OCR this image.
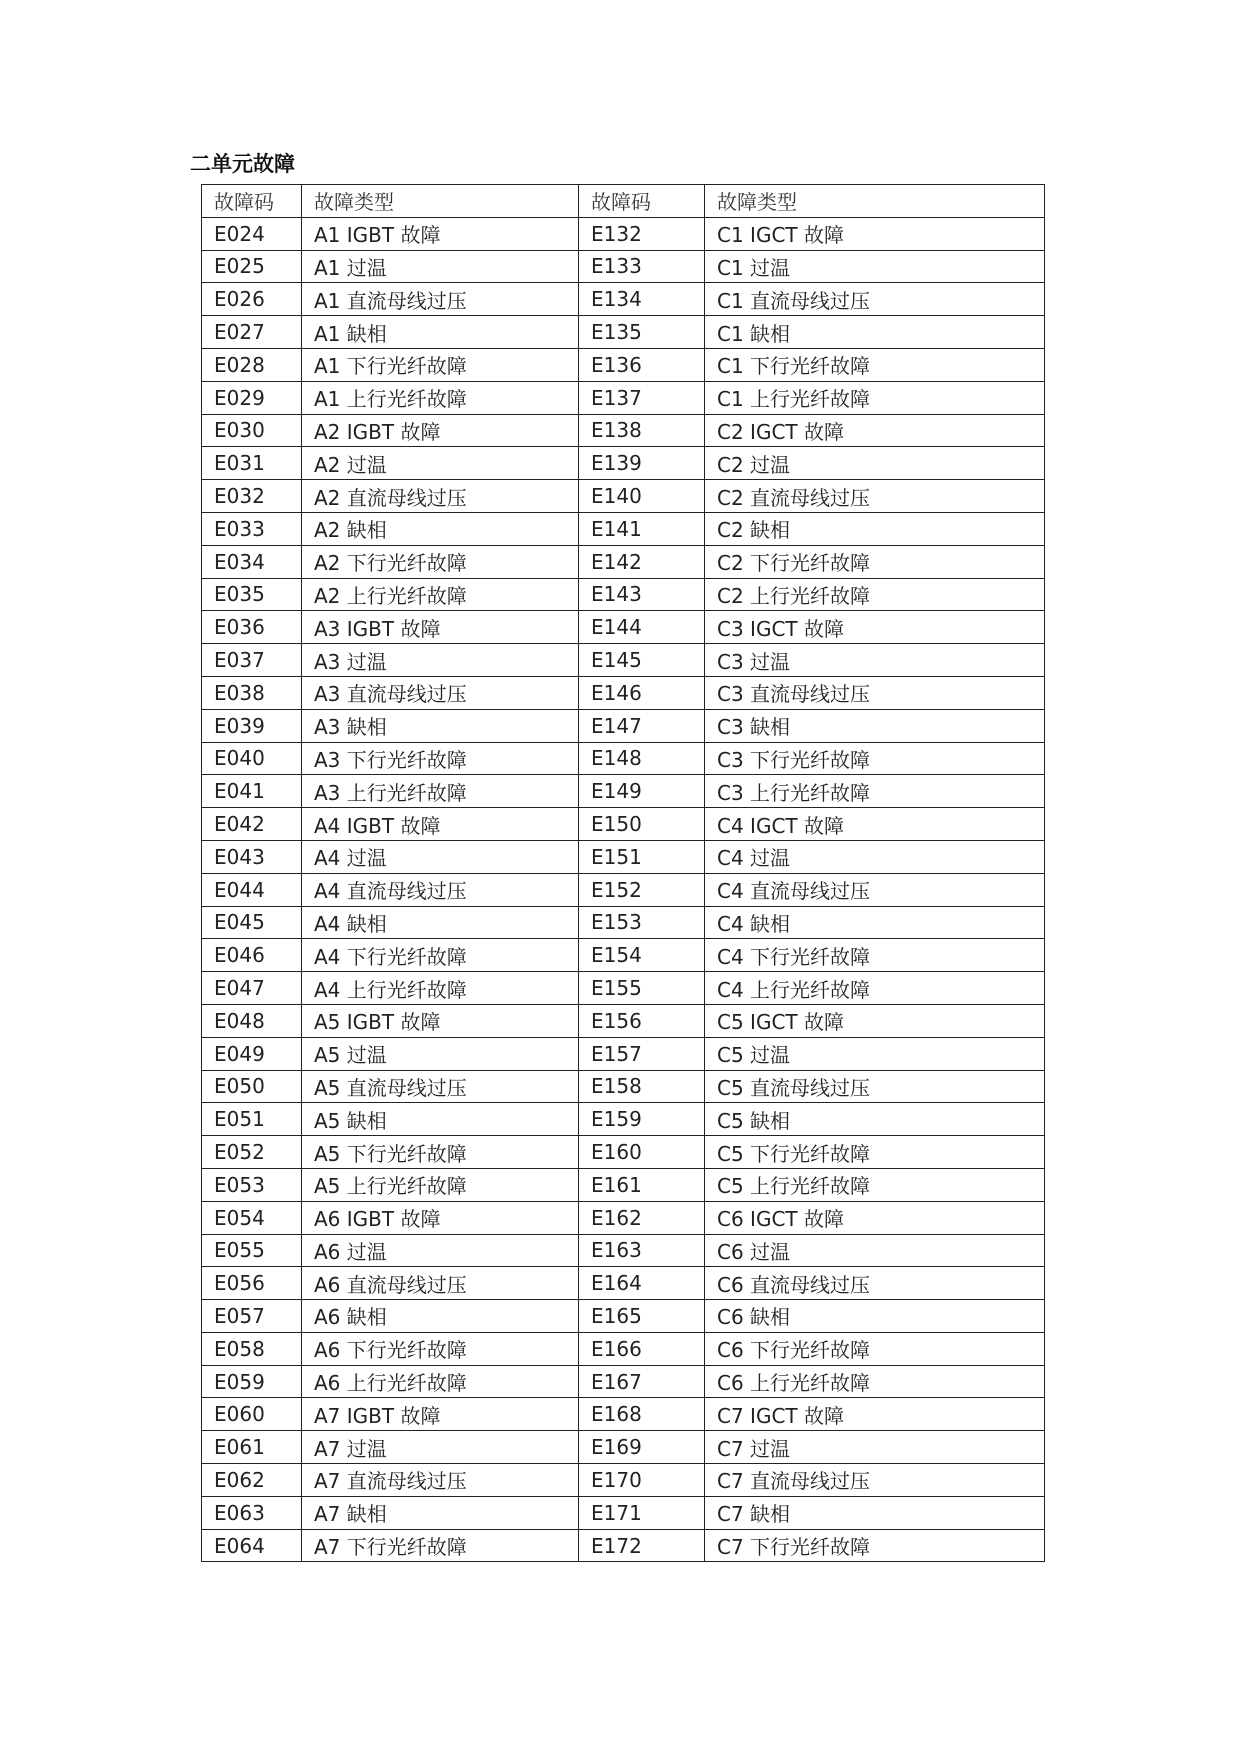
二单元故障
故障码	故障类型	故障码	故障类型
E024	A1 IGBT 故障	E132	C1 IGCT 故障
E025	A1 过温	E133	C1 过温
E026	A1 直流母线过压	E134	C1 直流母线过压
E027	A1 缺相	E135	C1 缺相
E028	A1 下行光纤故障	E136	C1 下行光纤故障
E029	A1 上行光纤故障	E137	C1 上行光纤故障
E030	A2 IGBT 故障	E138	C2 IGCT 故障
E031	A2 过温	E139	C2 过温
E032	A2 直流母线过压	E140	C2 直流母线过压
E033	A2 缺相	E141	C2 缺相
E034	A2 下行光纤故障	E142	C2 下行光纤故障
E035	A2 上行光纤故障	E143	C2 上行光纤故障
E036	A3 IGBT 故障	E144	C3 IGCT 故障
E037	A3 过温	E145	C3 过温
E038	A3 直流母线过压	E146	C3 直流母线过压
E039	A3 缺相	E147	C3 缺相
E040	A3 下行光纤故障	E148	C3 下行光纤故障
E041	A3 上行光纤故障	E149	C3 上行光纤故障
E042	A4 IGBT 故障	E150	C4 IGCT 故障
E043	A4 过温	E151	C4 过温
E044	A4 直流母线过压	E152	C4 直流母线过压
E045	A4 缺相	E153	C4 缺相
E046	A4 下行光纤故障	E154	C4 下行光纤故障
E047	A4 上行光纤故障	E155	C4 上行光纤故障
E048	A5 IGBT 故障	E156	C5 IGCT 故障
E049	A5 过温	E157	C5 过温
E050	A5 直流母线过压	E158	C5 直流母线过压
E051	A5 缺相	E159	C5 缺相
E052	A5 下行光纤故障	E160	C5 下行光纤故障
E053	A5 上行光纤故障	E161	C5 上行光纤故障
E054	A6 IGBT 故障	E162	C6 IGCT 故障
E055	A6 过温	E163	C6 过温
E056	A6 直流母线过压	E164	C6 直流母线过压
E057	A6 缺相	E165	C6 缺相
E058	A6 下行光纤故障	E166	C6 下行光纤故障
E059	A6 上行光纤故障	E167	C6 上行光纤故障
E060	A7 IGBT 故障	E168	C7 IGCT 故障
E061	A7 过温	E169	C7 过温
E062	A7 直流母线过压	E170	C7 直流母线过压
E063	A7 缺相	E171	C7 缺相
E064	A7 下行光纤故障	E172	C7 下行光纤故障
